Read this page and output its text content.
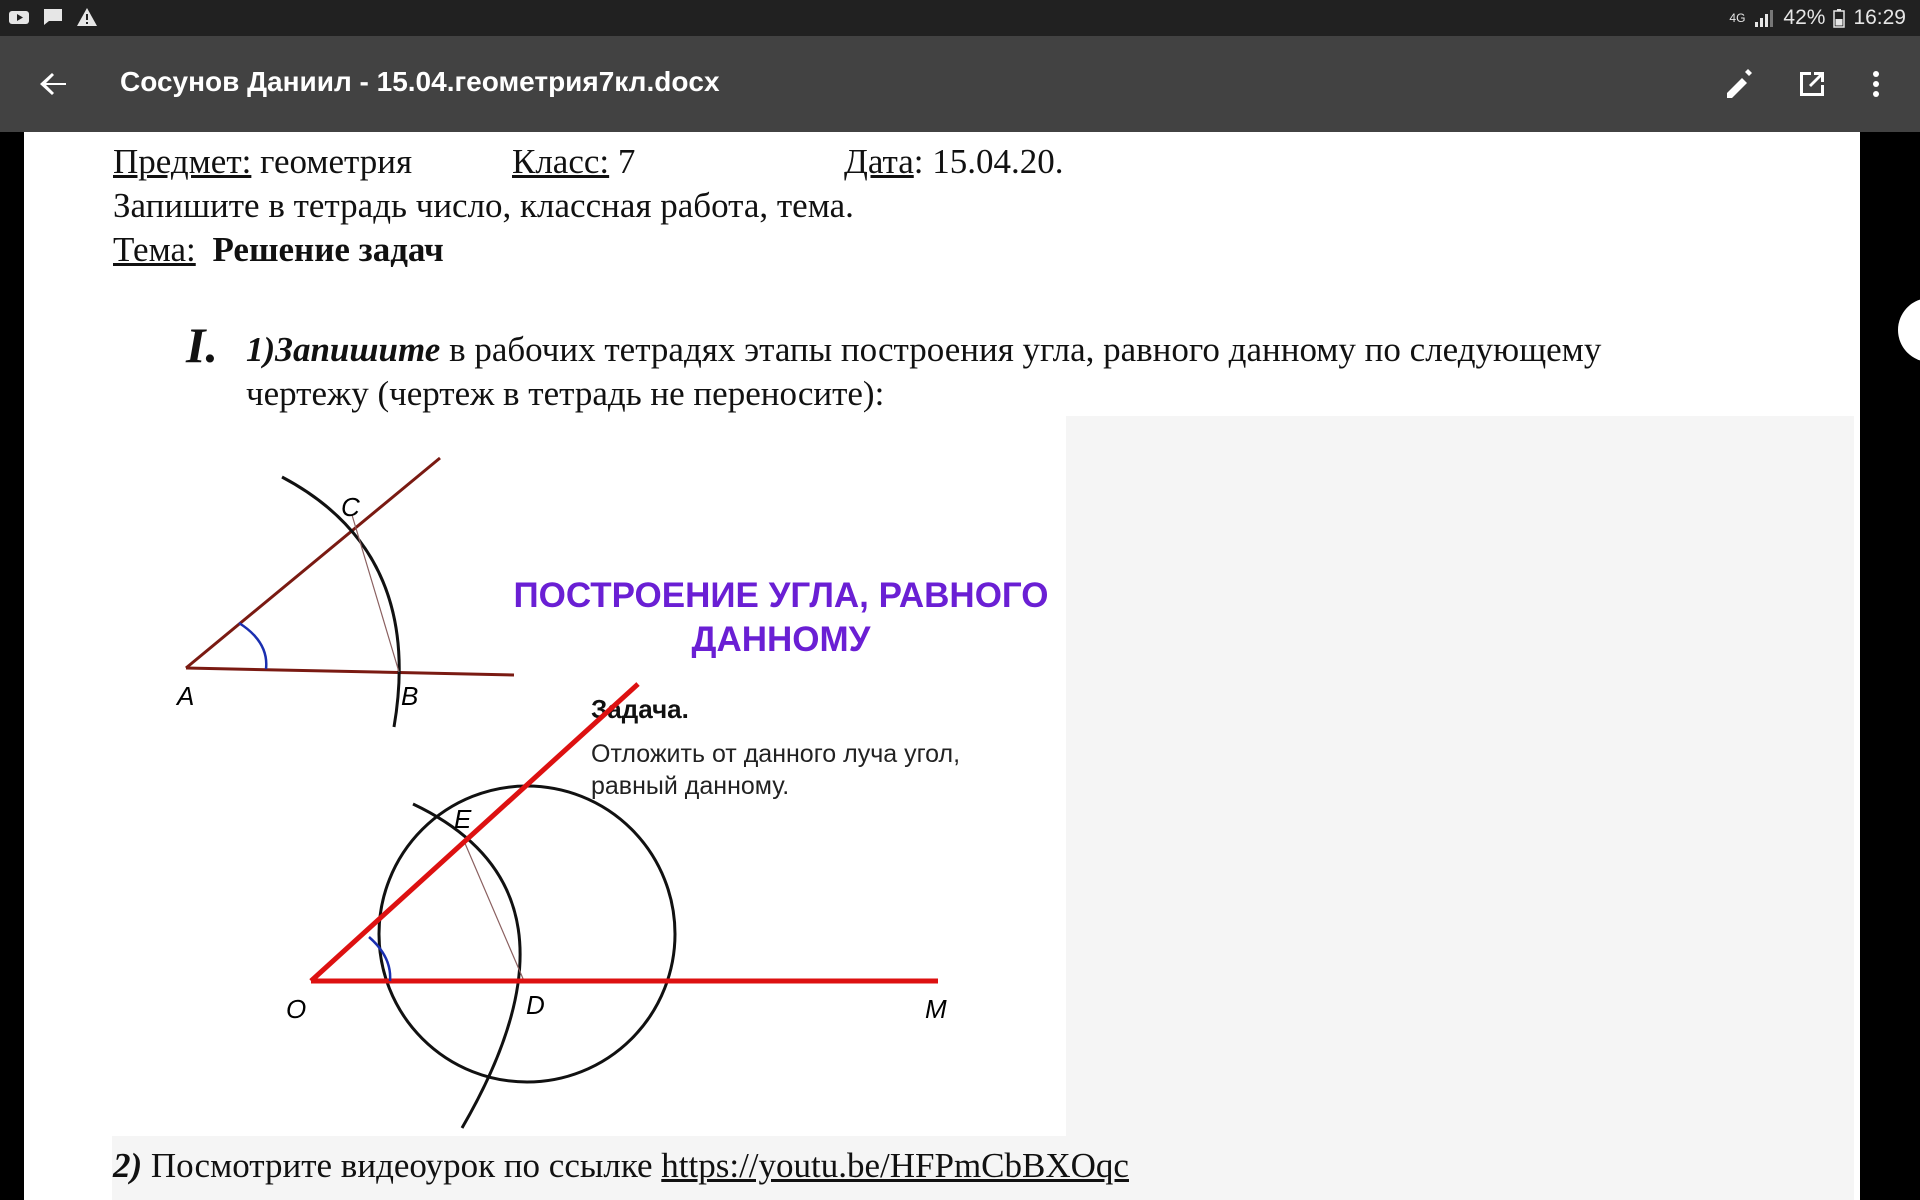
4G 42% 16:29
Сосунов Даниил - 15.04.геометрия7кл.docx
Предмет: геометрия	Класс: 7	Дата: 15.04.20.
Запишите в тетрадь число, классная работа, тема.
Тема: Решение задач
I. 1)Запишите в рабочих тетрадях этапы построения угла, равного данному по следующему
чертежу (чертеж в тетрадь не переносите):
ПОСТРОЕНИЕ УГЛА, РАВНОГО
ДАННОМУ
Задача.
Отложить от данного луча угол,
равный данному.
A	B
C
O	D
E
M
2) Посмотрите видеоурок по ссылке https://youtu.be/HFPmCbBXOqc
